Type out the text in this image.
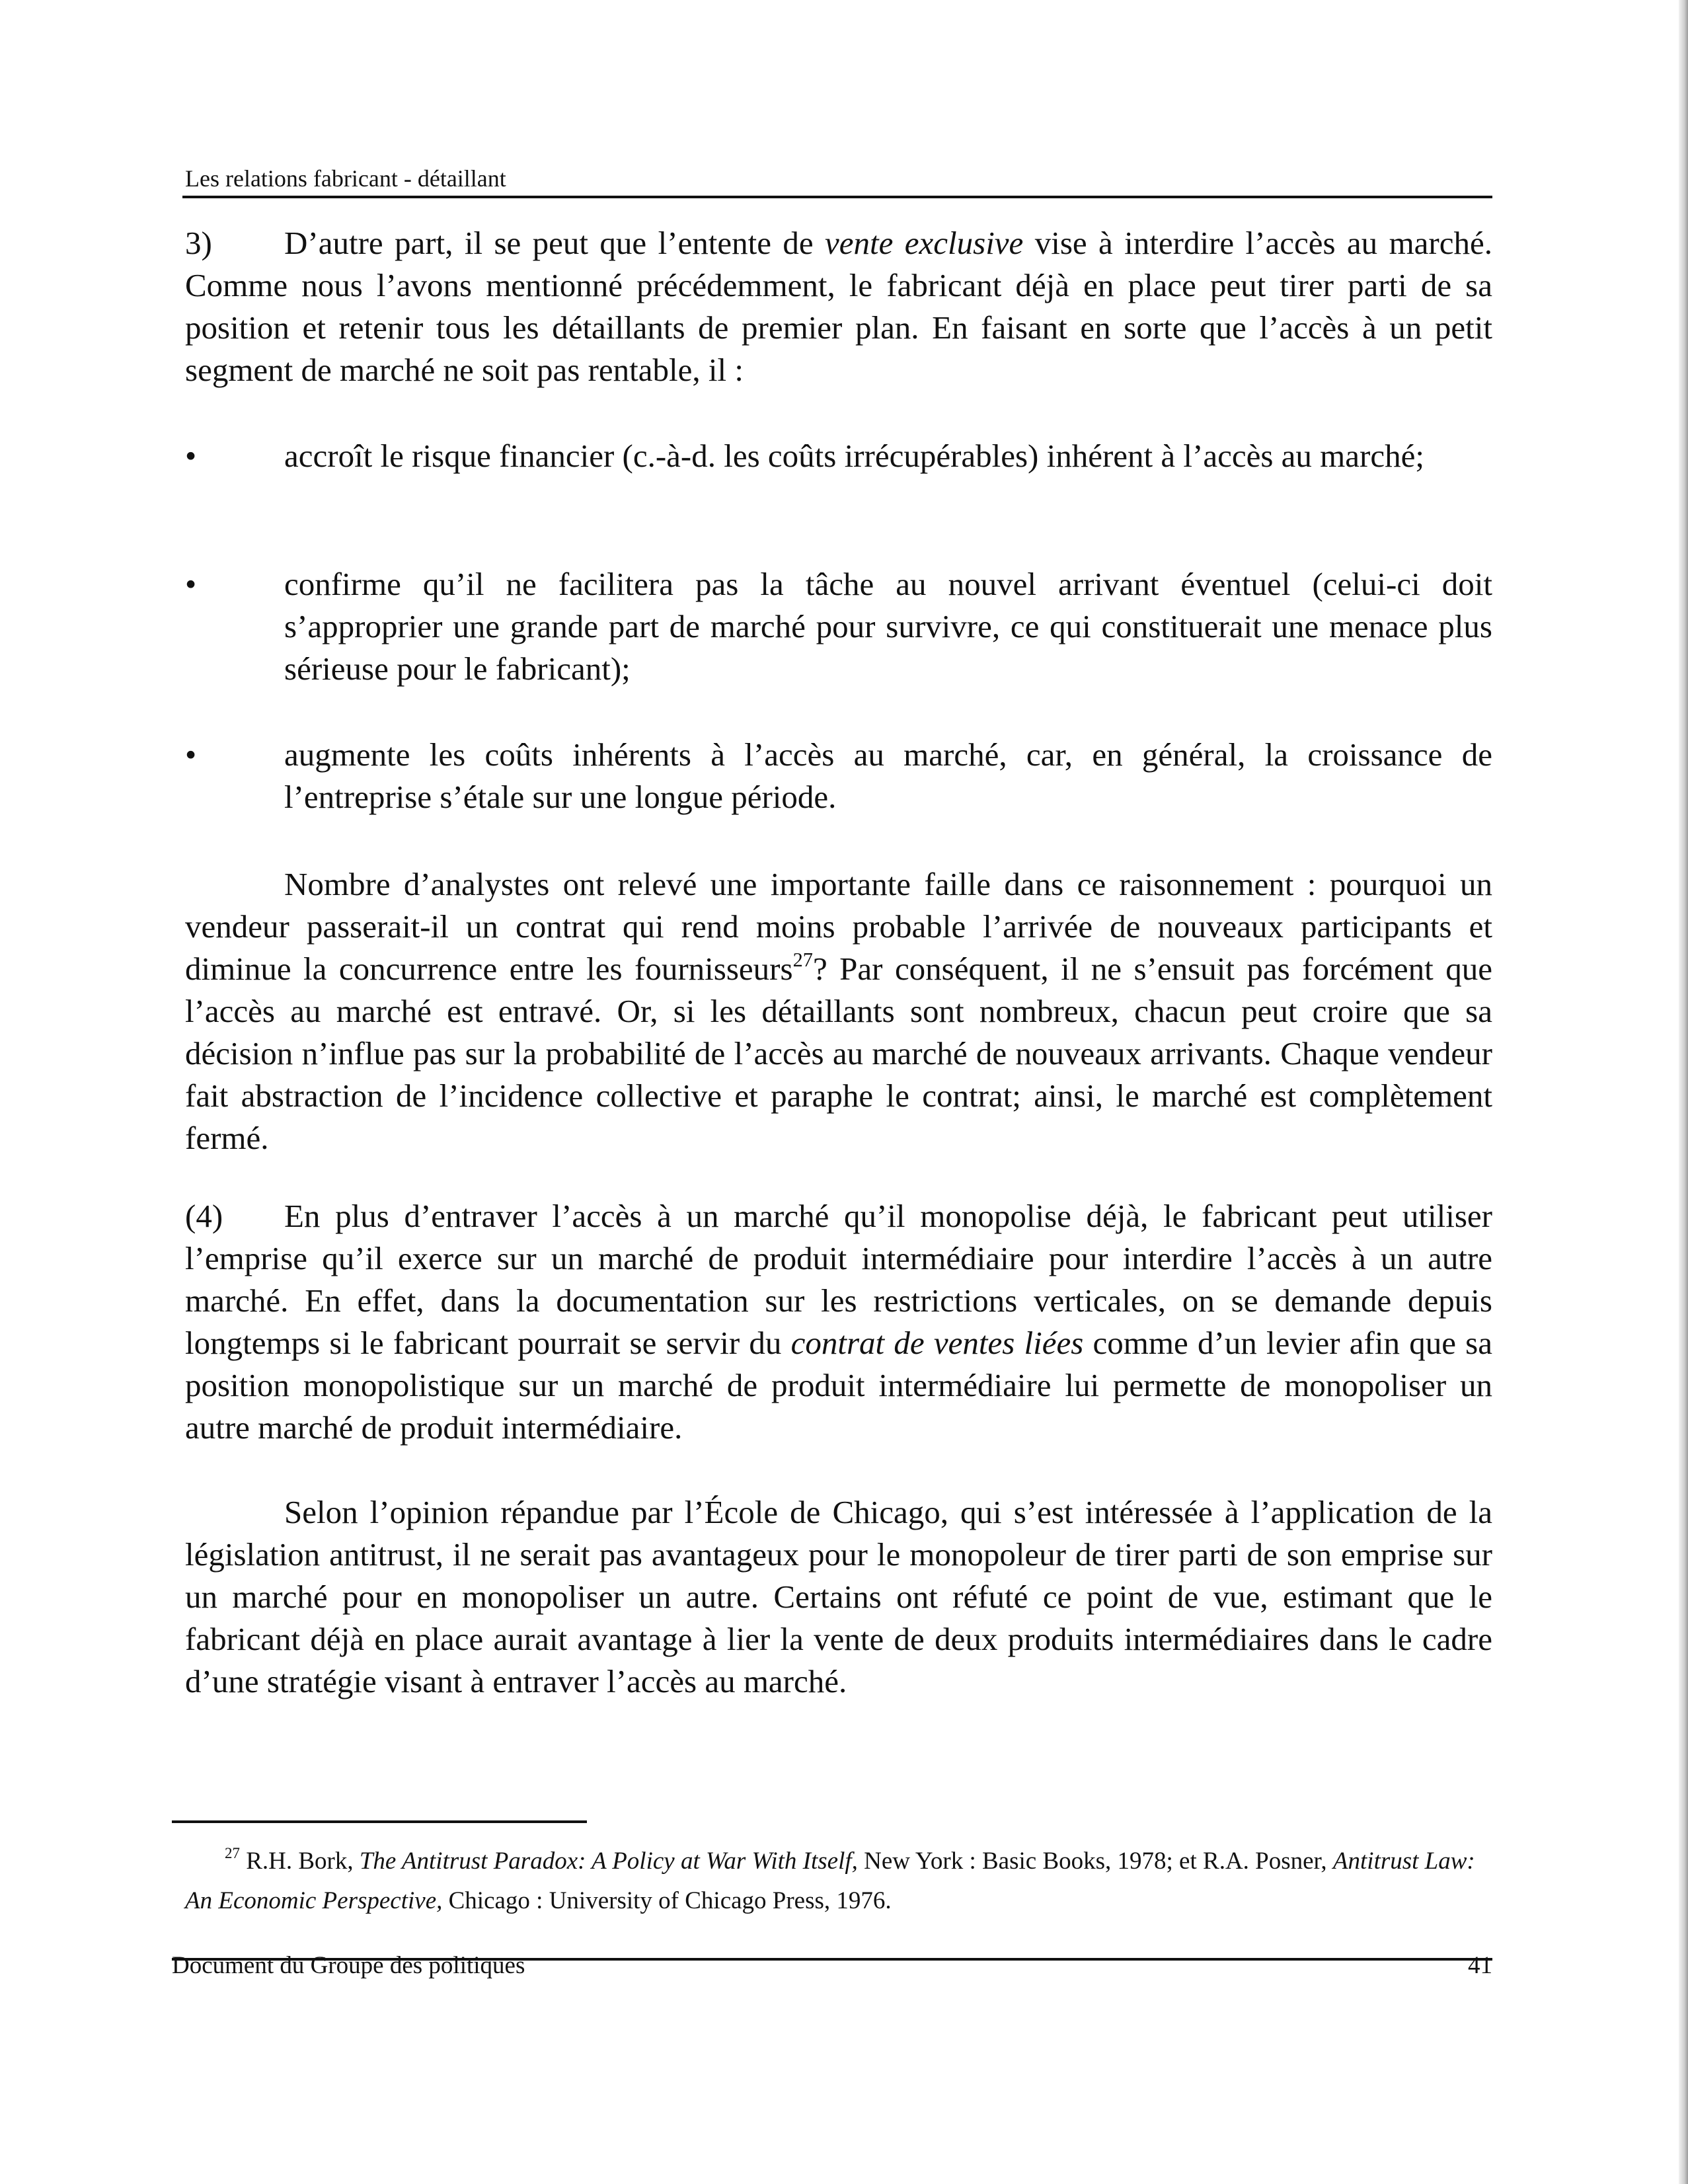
Les relations fabricant - détaillant

3) D’autre part, il se peut que l’entente de vente exclusive vise à interdire l’accès au marché. Comme nous l’avons mentionné précédemment, le fabricant déjà en place peut tirer parti de sa position et retenir tous les détaillants de premier plan. En faisant en sorte que l’accès à un petit segment de marché ne soit pas rentable, il :

•	accroît le risque financier (c.-à-d. les coûts irrécupérables) inhérent à l’accès au marché;
•	confirme qu’il ne facilitera pas la tâche au nouvel arrivant éventuel (celui-ci doit s’approprier une grande part de marché pour survivre, ce qui constituerait une menace plus sérieuse pour le fabricant);
•	augmente les coûts inhérents à l’accès au marché, car, en général, la croissance de l’entreprise s’étale sur une longue période.

Nombre d’analystes ont relevé une importante faille dans ce raisonnement : pourquoi un vendeur passerait-il un contrat qui rend moins probable l’arrivée de nouveaux participants et diminue la concurrence entre les fournisseurs$^{27}$? Par conséquent, il ne s’ensuit pas forcément que l’accès au marché est entravé. Or, si les détaillants sont nombreux, chacun peut croire que sa décision n’influe pas sur la probabilité de l’accès au marché de nouveaux arrivants. Chaque vendeur fait abstraction de l’incidence collective et paraphe le contrat; ainsi, le marché est complètement fermé.

(4) En plus d’entraver l’accès à un marché qu’il monopolise déjà, le fabricant peut utiliser l’emprise qu’il exerce sur un marché de produit intermédiaire pour interdire l’accès à un autre marché. En effet, dans la documentation sur les restrictions verticales, on se demande depuis longtemps si le fabricant pourrait se servir du contrat de ventes liées comme d’un levier afin que sa position monopolistique sur un marché de produit intermédiaire lui permette de monopoliser un autre marché de produit intermédiaire.

Selon l’opinion répandue par l’École de Chicago, qui s’est intéressée à l’application de la législation antitrust, il ne serait pas avantageux pour le monopoleur de tirer parti de son emprise sur un marché pour en monopoliser un autre. Certains ont réfuté ce point de vue, estimant que le fabricant déjà en place aurait avantage à lier la vente de deux produits intermédiaires dans le cadre d’une stratégie visant à entraver l’accès au marché.

$^{27}$ R.H. Bork, The Antitrust Paradox: A Policy at War With Itself, New York : Basic Books, 1978; et R.A. Posner, Antitrust Law: An Economic Perspective, Chicago : University of Chicago Press, 1976.
Document du Groupe des politiques	41
